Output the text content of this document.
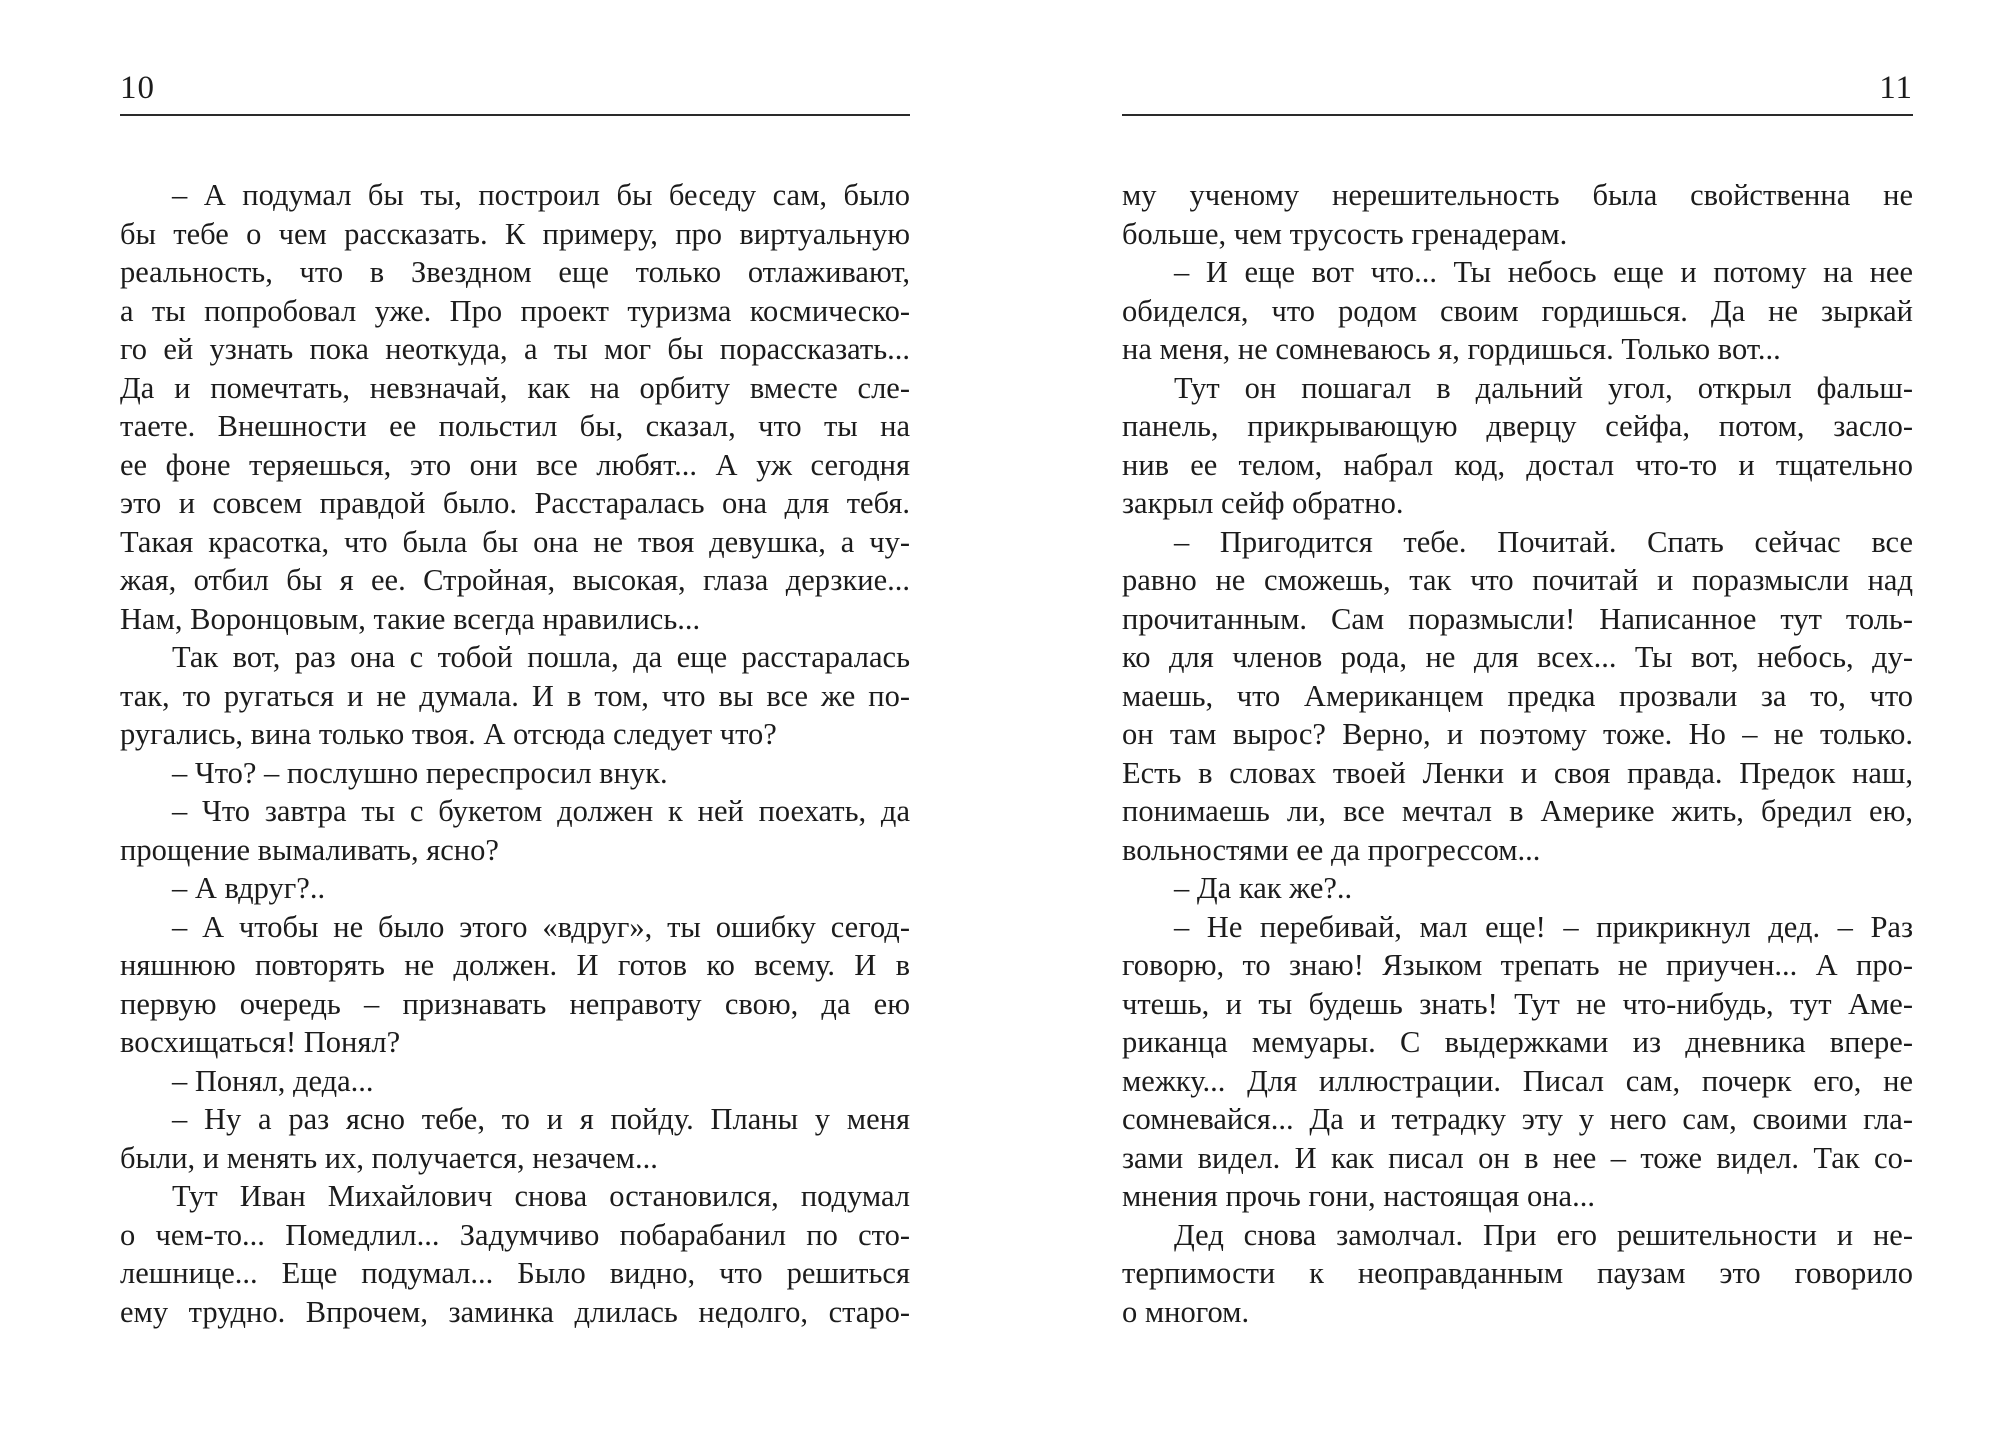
10
– А подумал бы ты, построил бы беседу сам, было
бы тебе о чем рассказать. К примеру, про виртуальную
реальность, что в Звездном еще только отлаживают,
а ты попробовал уже. Про проект туризма космическо-
го ей узнать пока неоткуда, а ты мог бы порассказать...
Да и помечтать, невзначай, как на орбиту вместе сле-
таете. Внешности ее польстил бы, сказал, что ты на
ее фоне теряешься, это они все любят... А уж сегодня
это и совсем правдой было. Расстаралась она для тебя.
Такая красотка, что была бы она не твоя девушка, а чу-
жая, отбил бы я ее. Стройная, высокая, глаза дерзкие...
Нам, Воронцовым, такие всегда нравились...
Так вот, раз она с тобой пошла, да еще расстаралась
так, то ругаться и не думала. И в том, что вы все же по-
ругались, вина только твоя. А отсюда следует что?
– Что? – послушно переспросил внук.
– Что завтра ты с букетом должен к ней поехать, да
прощение вымаливать, ясно?
– А вдруг?..
– А чтобы не было этого «вдруг», ты ошибку сегод-
няшнюю повторять не должен. И готов ко всему. И в
первую очередь – признавать неправоту свою, да ею
восхищаться! Понял?
– Понял, деда...
– Ну а раз ясно тебе, то и я пойду. Планы у меня
были, и менять их, получается, незачем...
Тут Иван Михайлович снова остановился, подумал
о чем-то... Помедлил... Задумчиво побарабанил по сто-
лешнице... Еще подумал... Было видно, что решиться
ему трудно. Впрочем, заминка длилась недолго, старо-
11
му ученому нерешительность была свойственна не
больше, чем трусость гренадерам.
– И еще вот что... Ты небось еще и потому на нее
обиделся, что родом своим гордишься. Да не зыркай
на меня, не сомневаюсь я, гордишься. Только вот...
Тут он пошагал в дальний угол, открыл фальш-
панель, прикрывающую дверцу сейфа, потом, засло-
нив ее телом, набрал код, достал что-то и тщательно
закрыл сейф обратно.
– Пригодится тебе. Почитай. Спать сейчас все
равно не сможешь, так что почитай и поразмысли над
прочитанным. Сам поразмысли! Написанное тут толь-
ко для членов рода, не для всех... Ты вот, небось, ду-
маешь, что Американцем предка прозвали за то, что
он там вырос? Верно, и поэтому тоже. Но – не только.
Есть в словах твоей Ленки и своя правда. Предок наш,
понимаешь ли, все мечтал в Америке жить, бредил ею,
вольностями ее да прогрессом...
– Да как же?..
– Не перебивай, мал еще! – прикрикнул дед. – Раз
говорю, то знаю! Языком трепать не приучен... А про-
чтешь, и ты будешь знать! Тут не что-нибудь, тут Аме-
риканца мемуары. С выдержками из дневника впере-
межку... Для иллюстрации. Писал сам, почерк его, не
сомневайся... Да и тетрадку эту у него сам, своими гла-
зами видел. И как писал он в нее – тоже видел. Так со-
мнения прочь гони, настоящая она...
Дед снова замолчал. При его решительности и не-
терпимости к неоправданным паузам это говорило
о многом.
